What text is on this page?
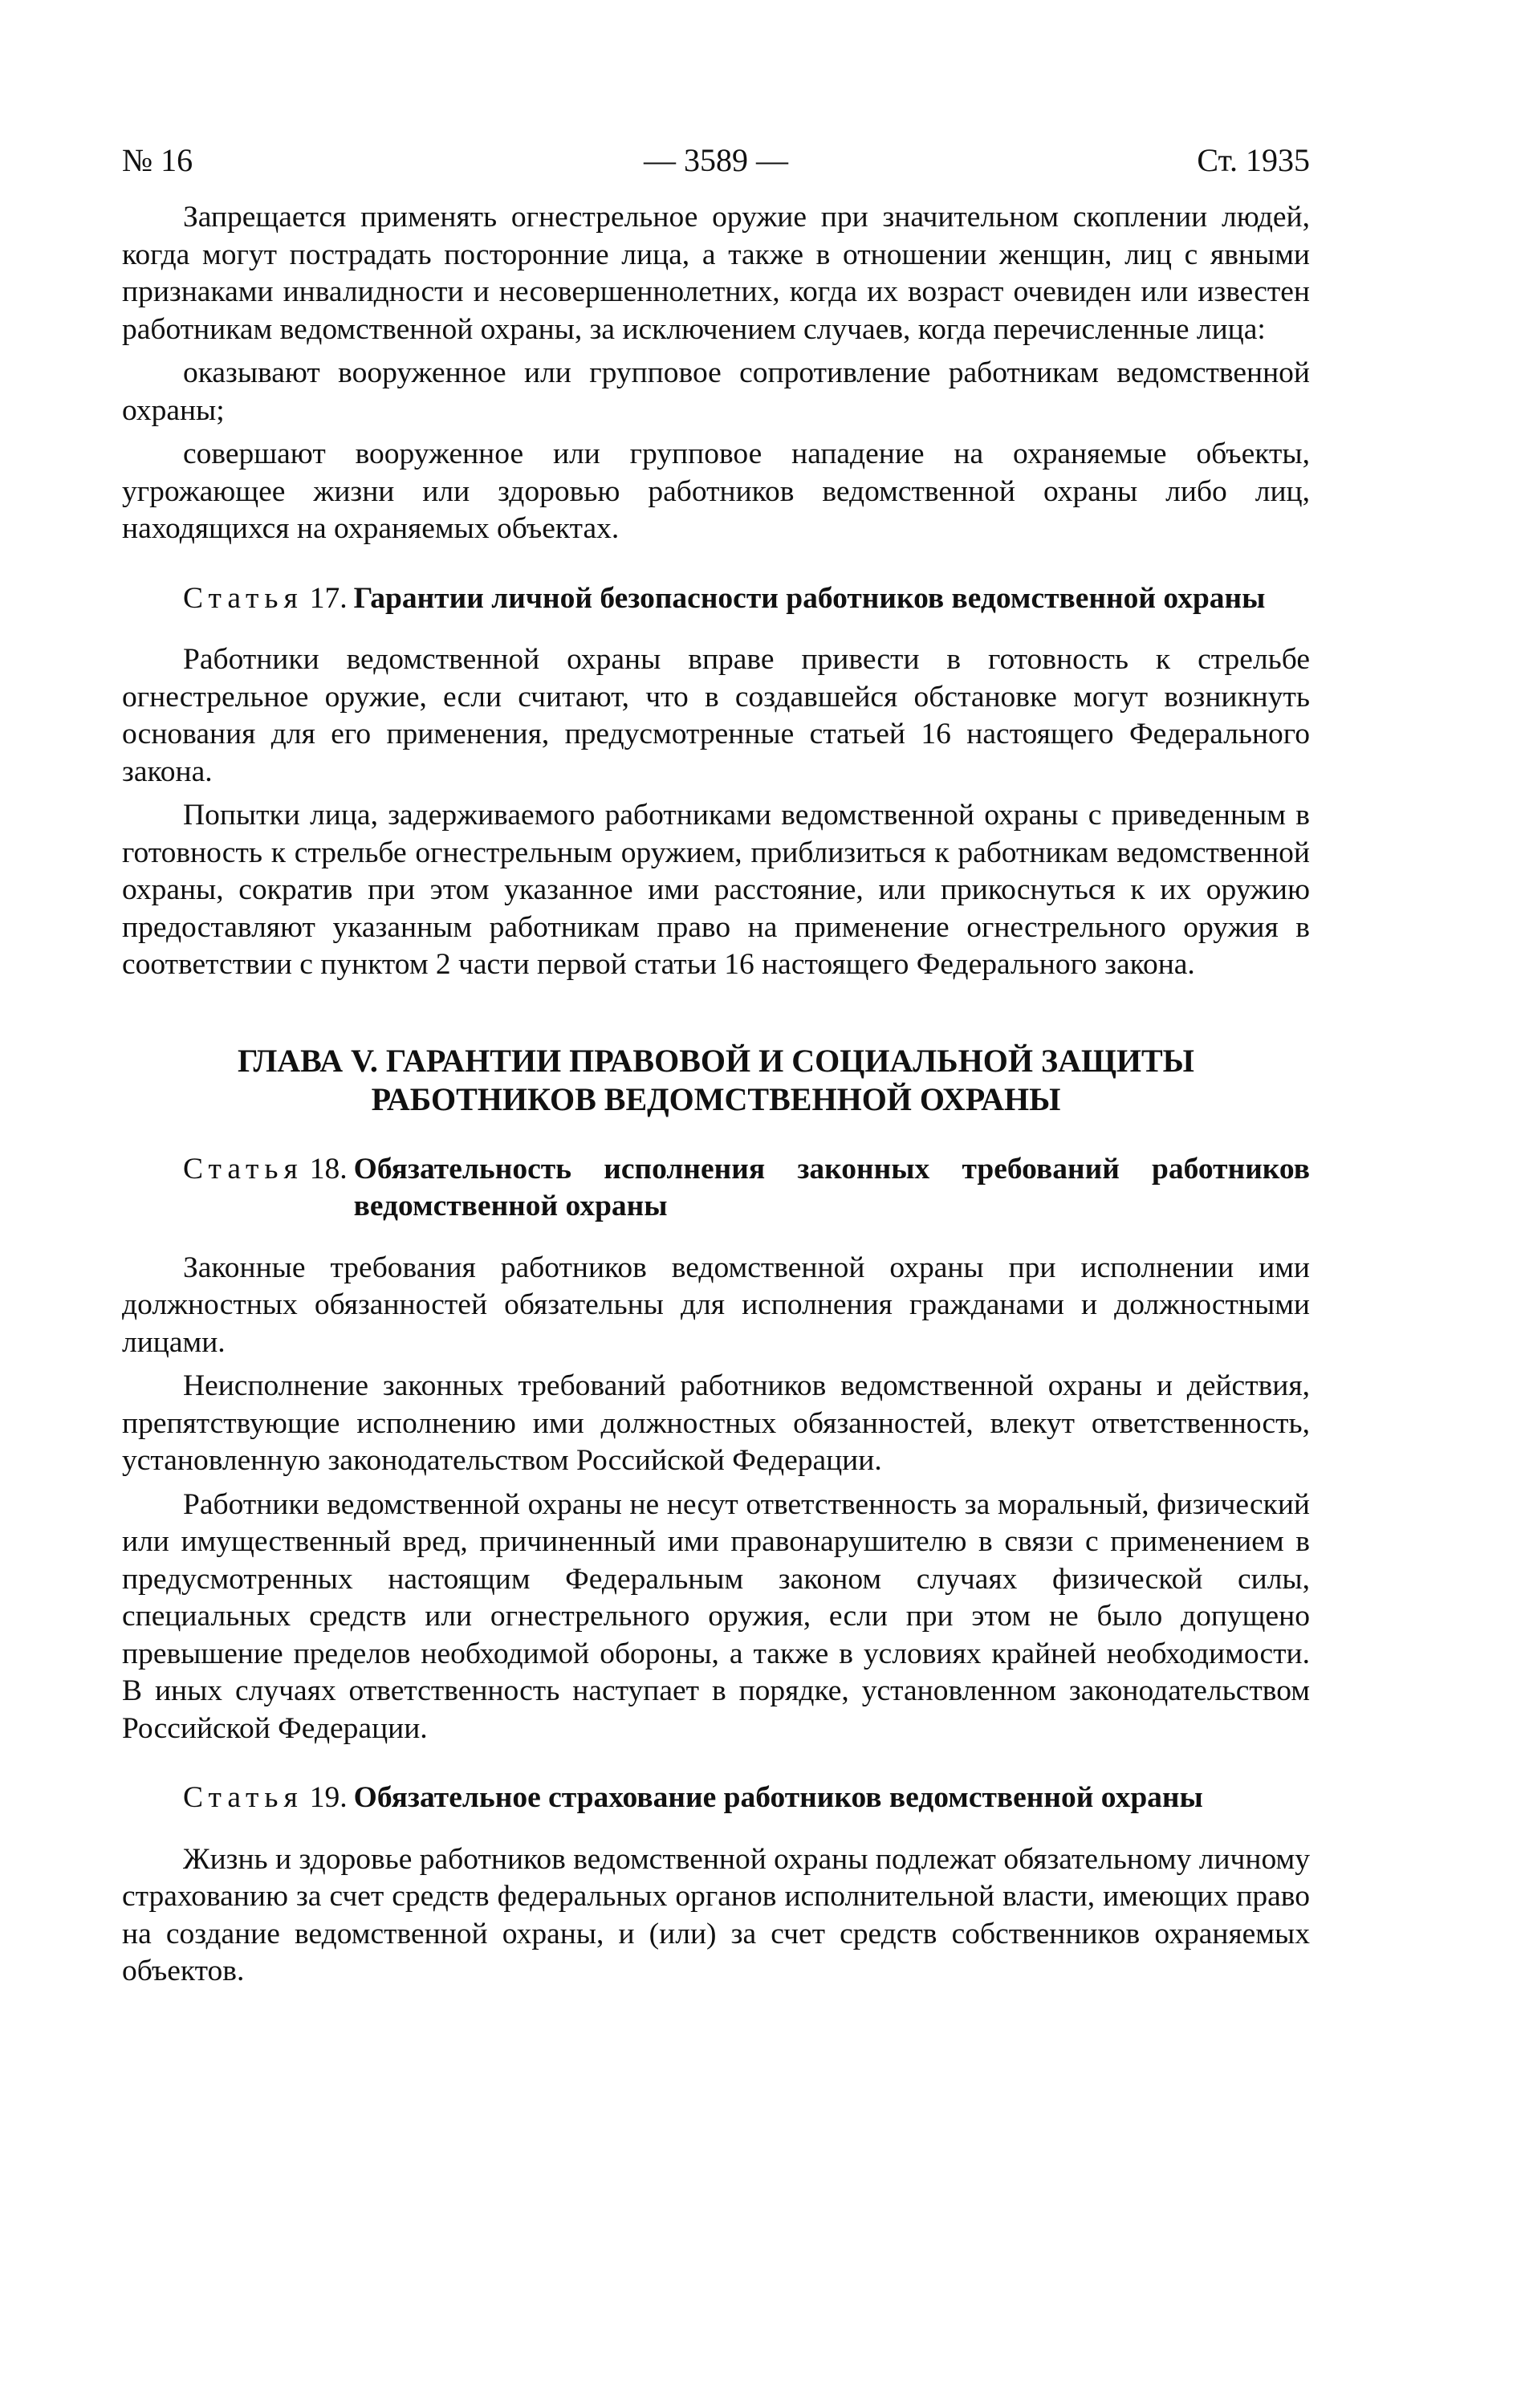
№ 16	— 3589 —	Ст. 1935

Запрещается применять огнестрельное оружие при значительном скоплении людей, когда могут пострадать посторонние лица, а также в отношении женщин, лиц с явными признаками инвалидности и несовершеннолетних, когда их возраст очевиден или известен работникам ведомственной охраны, за исключением случаев, когда перечисленные лица:

оказывают вооруженное или групповое сопротивление работникам ведомственной охраны;

совершают вооруженное или групповое нападение на охраняемые объекты, угрожающее жизни или здоровью работников ведомственной охраны либо лиц, находящихся на охраняемых объектах.

Статья 17. Гарантии личной безопасности работников ведомственной охраны

Работники ведомственной охраны вправе привести в готовность к стрельбе огнестрельное оружие, если считают, что в создавшейся обстановке могут возникнуть основания для его применения, предусмотренные статьей 16 настоящего Федерального закона.

Попытки лица, задерживаемого работниками ведомственной охраны с приведенным в готовность к стрельбе огнестрельным оружием, приблизиться к работникам ведомственной охраны, сократив при этом указанное ими расстояние, или прикоснуться к их оружию предоставляют указанным работникам право на применение огнестрельного оружия в соответствии с пунктом 2 части первой статьи 16 настоящего Федерального закона.

ГЛАВА V. ГАРАНТИИ ПРАВОВОЙ И СОЦИАЛЬНОЙ ЗАЩИТЫ
РАБОТНИКОВ ВЕДОМСТВЕННОЙ ОХРАНЫ
Статья 18. Обязательность исполнения законных требований работников ведомственной охраны

Законные требования работников ведомственной охраны при исполнении ими должностных обязанностей обязательны для исполнения гражданами и должностными лицами.

Неисполнение законных требований работников ведомственной охраны и действия, препятствующие исполнению ими должностных обязанностей, влекут ответственность, установленную законодательством Российской Федерации.

Работники ведомственной охраны не несут ответственность за моральный, физический или имущественный вред, причиненный ими правонарушителю в связи с применением в предусмотренных настоящим Федеральным законом случаях физической силы, специальных средств или огнестрельного оружия, если при этом не было допущено превышение пределов необходимой обороны, а также в условиях крайней необходимости. В иных случаях ответственность наступает в порядке, установленном законодательством Российской Федерации.

Статья 19. Обязательное страхование работников ведомственной охраны

Жизнь и здоровье работников ведомственной охраны подлежат обязательному личному страхованию за счет средств федеральных органов исполнительной власти, имеющих право на создание ведомственной охраны, и (или) за счет средств собственников охраняемых объектов.
